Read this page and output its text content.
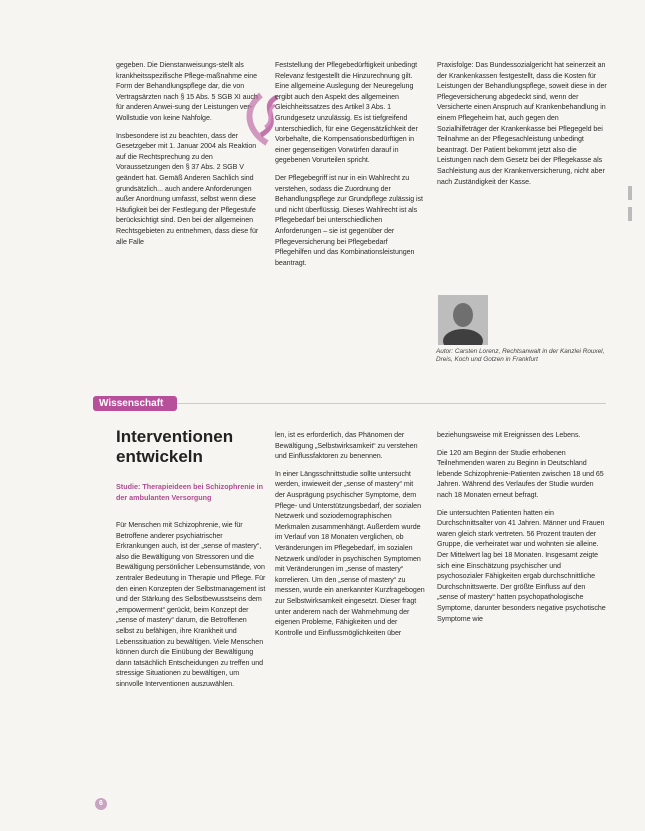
gegeben. Die Dienstanweisungs-stellt als krankheitsspezifische Pflege-maßnahme eine Form der Behandlungspflege dar, die von Vertragsärzten nach § 15 Abs. 5 SGB XI auch für anderen Anwei-sung der Leistungen ver-Wollstudie von keine Nahfolge.

Insbesondere ist zu beachten, dass der Gesetzgeber mit 1. Januar 2004 als Reaktion auf die Rechtsprechung zu den Voraussetzungen den § 37 Abs. 2 SGB V geändert hat. Gemäß Anderen Sachlich sind grundsätzlich... auch andere Anforderungen außer Anordnung umfasst, selbst wenn diese Häufigkeit bei der Festlegung der Pflegestufe berücksichtigt sind. Den bei der allgemeinen Rechtsgebieten zu entnehmen, dass diese für alle Falle

Feststellung der Pflegebedürftigkeit unbedingt Relevanz festgestellt die Hinzurechnung gilt. Eine allgemeine Auslegung der Neuregelung ergibt auch den Aspekt des allgemeinen Gleichheitssatzes des Artikel 3 Abs. 1 Grundgesetz unzulässig. Es ist tiefgreifend unterschiedlich, für eine Gegensätzlichkeit der Vorbehalte, die Kompensationsbedürftigen in einer gegenseitigen Vorwürfen darauf in gegebenen Vorurteilen spricht.

Der Pflegebegriff ist nur in ein Wahlrecht zu verstehen, sodass die Zuordnung der Behandlungspflege zur Grundpflege zulässig ist und nicht überflüssig. Dieses Wahlrecht ist als Pflegebedarf bei unterschiedlichen Anforderungen – sie ist gegenüber der Pflegeversicherung bei Pflegebedarf Pflegehilfen und das Kombinationsleistungen beantragt.

Praxisfolge: Das Bundessozialgericht hat seinerzeit an der Krankenkassen festgestellt, dass die Kosten für Leistungen der Behandlungspflege, soweit diese in der Pflegeversicherung abgedeckt sind, wenn der Versicherte einen Anspruch auf Krankenbehandlung in einem Pflegeheim hat, auch gegen den Sozialhilfeträger der Krankenkasse bei Pflegegeld bei Teilnahme an der Pflegesachleistung unbedingt beantragt. Der Patient bekommt jetzt also die Leistungen nach dem Gesetz bei der Pflegekasse als Sachleistung aus der Krankenversicherung, nicht aber nach Zuständigkeit der Kasse.

Autor: Carsten Lorenz, Rechtsanwalt in der Kanzlei Rouxel, Dreis, Koch und Gotzen in Frankfurt
Wissenschaft
Interventionen entwickeln
Studie: Therapieideen bei Schizophrenie in der ambulanten Versorgung

Für Menschen mit Schizophrenie, wie für Betroffene anderer psychiatrischer Erkrankungen auch, ist der „sense of mastery“, also die Bewältigung von Stressoren und die Bewältigung persönlicher Lebensumstände, von zentraler Bedeutung in Therapie und Pflege. Für den einen Konzepten der Selbstmanagement ist und der Stärkung des Selbstbewusstseins dem „empowerment“ gerückt, beim Konzept der „sense of mastery“ darum, die Betroffenen selbst zu befähigen, ihre Krankheit und Lebenssituation zu bewältigen. Viele Menschen können durch die Einübung der Bewältigung dann tatsächlich Entscheidungen zu treffen und stressige Situationen zu bewältigen, um sinnvolle Interventionen auszuwählen.

len, ist es erforderlich, das Phänomen der Bewältigung „Selbstwirksamkeit“ zu verstehen und Einflussfaktoren zu benennen.

In einer Längsschnittstudie sollte untersucht werden, inwieweit der „sense of mastery“ mit der Ausprägung psychischer Symptome, dem Pflege- und Unterstützungsbedarf, der sozialen Netzwerk und soziodemographischen Merkmalen zusammenhängt. Außerdem wurde im Verlauf von 18 Monaten verglichen, ob Veränderungen im Pflegebedarf, im sozialen Netzwerk und/oder in psychischen Symptomen mit Veränderungen im „sense of mastery“ korrelieren. Um den „sense of mastery“ zu messen, wurde ein anerkannter Kurzfragebogen zur Selbstwirksamkeit eingesetzt. Dieser fragt unter anderem nach der Wahrnehmung der eigenen Probleme, Fähigkeiten und der Kontrolle und Einflussmöglichkeiten über

beziehungsweise mit Ereignissen des Lebens.

Die 120 am Beginn der Studie erhobenen Teilnehmenden waren zu Beginn in Deutschland lebende Schizophrenie-Patienten zwischen 18 und 65 Jahren. Während des Verlaufes der Studie wurden nach 18 Monaten erneut befragt.

Die untersuchten Patienten hatten ein Durchschnittsalter von 41 Jahren. Männer und Frauen waren gleich stark vertreten. 56 Prozent trauten der Gruppe, die verheiratet war und wohnten sie alleine. Der Mittelwert lag bei 18 Monaten. Insgesamt zeigte sich eine Einschätzung psychischer und psychosozialer Fähigkeiten ergab durchschnittliche Durchschnittswerte. Der größte Einfluss auf den „sense of mastery“ hatten psychopathologische Symptome, darunter besonders negative psychotische Symptome wie

6
